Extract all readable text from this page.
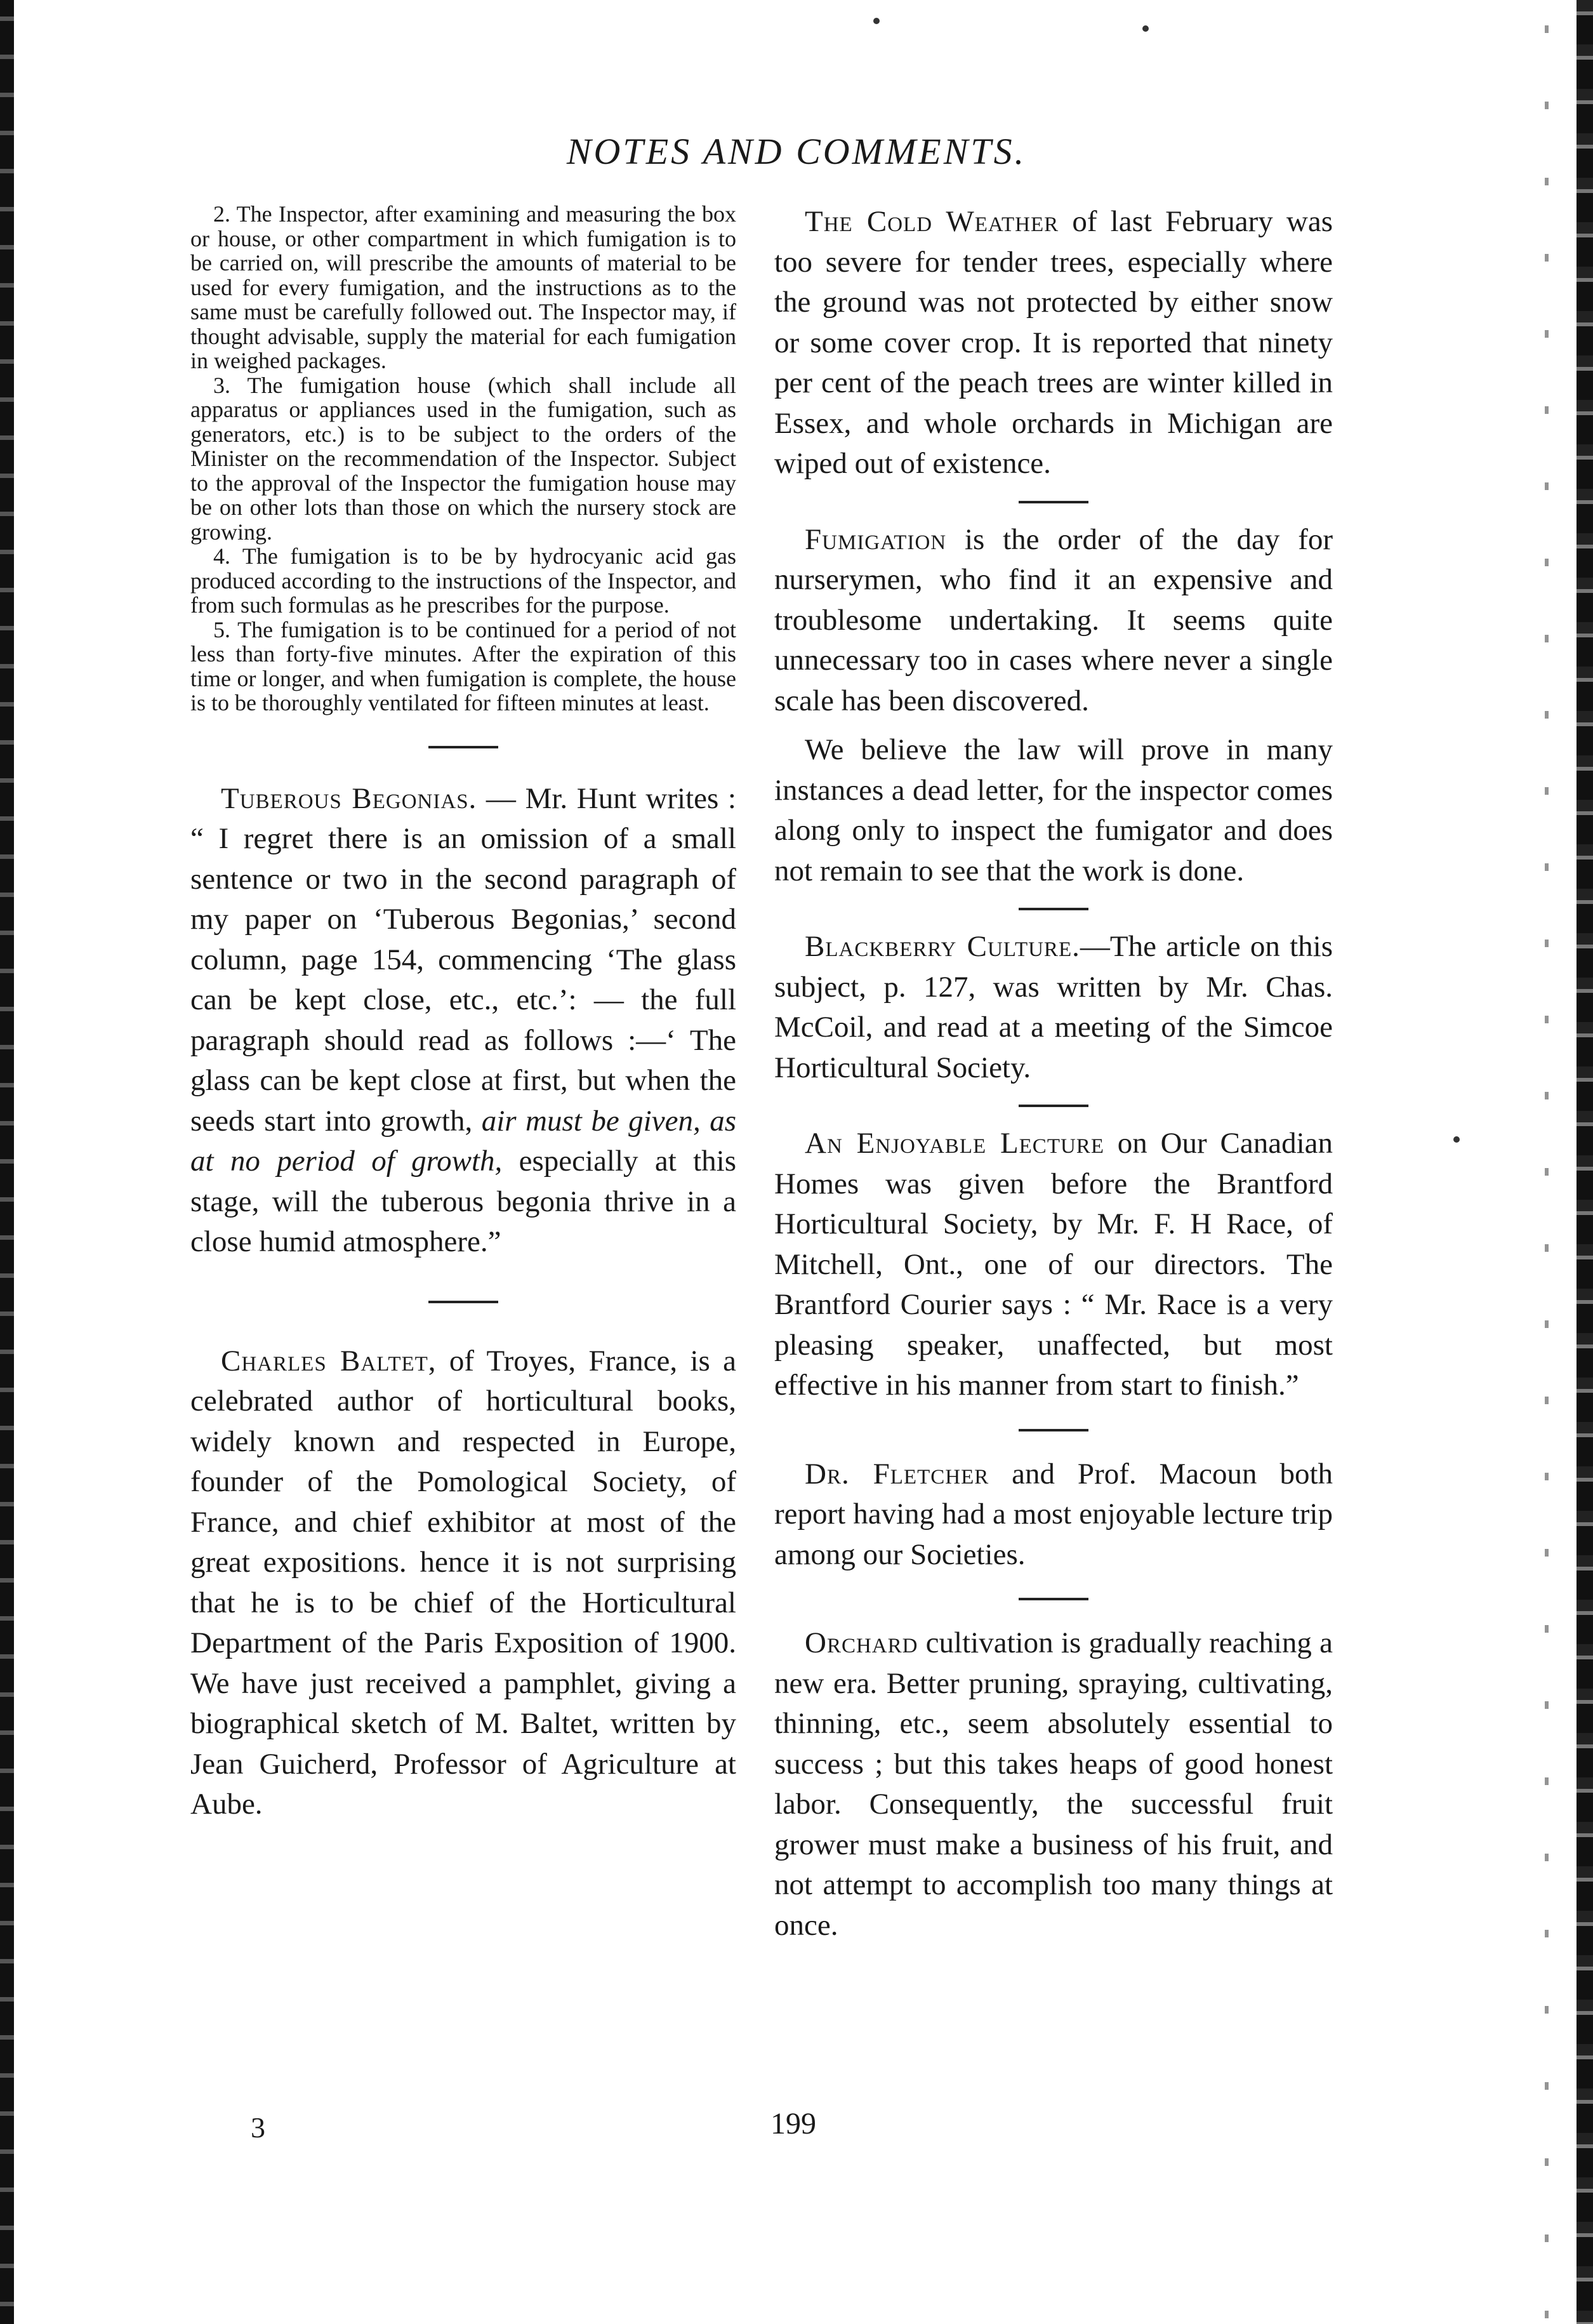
NOTES AND COMMENTS.

2. The Inspector, after examining and measuring the box or house, or other compartment in which fumigation is to be carried on, will prescribe the amounts of material to be used for every fumigation, and the instructions as to the same must be carefully followed out. The Inspector may, if thought advisable, supply the material for each fumigation in weighed packages.

3. The fumigation house (which shall include all apparatus or appliances used in the fumigation, such as generators, etc.) is to be subject to the orders of the Minister on the recommendation of the Inspector. Subject to the approval of the Inspector the fumigation house may be on other lots than those on which the nursery stock are growing.

4. The fumigation is to be by hydrocyanic acid gas produced according to the instructions of the Inspector, and from such formulas as he prescribes for the purpose.

5. The fumigation is to be continued for a period of not less than forty-five minutes. After the expiration of this time or longer, and when fumigation is complete, the house is to be thoroughly ventilated for fifteen minutes at least.

Tuberous Begonias. — Mr. Hunt writes : “ I regret there is an omission of a small sentence or two in the second paragraph of my paper on ‘Tuberous Begonias,’ second column, page 154, commencing ‘The glass can be kept close, etc., etc.’: — the full paragraph should read as follows :—‘ The glass can be kept close at first, but when the seeds start into growth, air must be given, as at no period of growth, especially at this stage, will the tuberous begonia thrive in a close humid atmosphere.”

Charles Baltet, of Troyes, France, is a celebrated author of horticultural books, widely known and respected in Europe, founder of the Pomological Society, of France, and chief exhibitor at most of the great expositions. hence it is not surprising that he is to be chief of the Horticultural Department of the Paris Exposition of 1900. We have just received a pamphlet, giving a biographical sketch of M. Baltet, written by Jean Guicherd, Professor of Agriculture at Aube.

The Cold Weather of last February was too severe for tender trees, especially where the ground was not protected by either snow or some cover crop. It is reported that ninety per cent of the peach trees are winter killed in Essex, and whole orchards in Michigan are wiped out of existence.

Fumigation is the order of the day for nurserymen, who find it an expensive and troublesome undertaking. It seems quite unnecessary too in cases where never a single scale has been discovered.

We believe the law will prove in many instances a dead letter, for the inspector comes along only to inspect the fumigator and does not remain to see that the work is done.

Blackberry Culture.—The article on this subject, p. 127, was written by Mr. Chas. McCoil, and read at a meeting of the Simcoe Horticultural Society.

An Enjoyable Lecture on Our Canadian Homes was given before the Brantford Horticultural Society, by Mr. F. H Race, of Mitchell, Ont., one of our directors. The Brantford Courier says : “ Mr. Race is a very pleasing speaker, unaffected, but most effective in his manner from start to finish.”

Dr. Fletcher and Prof. Macoun both report having had a most enjoyable lecture trip among our Societies.

Orchard cultivation is gradually reaching a new era. Better pruning, spraying, cultivating, thinning, etc., seem absolutely essential to success ; but this takes heaps of good honest labor. Consequently, the successful fruit grower must make a business of his fruit, and not attempt to accomplish too many things at once.

3	199
